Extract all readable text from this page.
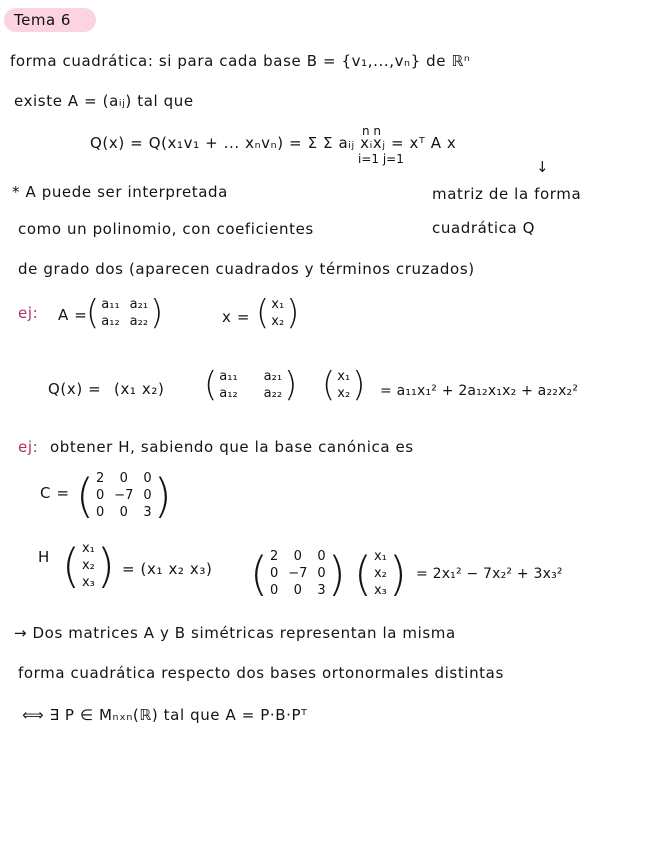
Tema 6
forma cuadrática: si para cada base B = {v₁,...,vₙ} de ℝⁿ
existe A = (aᵢⱼ) tal que
Q(x) = Q(x₁v₁ + ... xₙvₙ) = Σ Σ aᵢⱼ xᵢxⱼ = xᵀ A x
n n
i=1 j=1	↓
* A puede ser interpretada	matriz de la forma
como un polinomio, con coeficientes	cuadrática Q
de grado dos (aparecen cuadrados y términos cruzados)
ej: A =
( a₁₁ a₂₁
a₁₂ a₂₂ )	x = ( x₁
x₂ )
Q(x) = (x₁ x₂) ( a₁₁ a₂₁
a₁₂ a₂₂ ) ( x₁
x₂ ) = a₁₁x₁² + 2a₁₂x₁x₂ + a₂₂x₂²
ej: obtener H, sabiendo que la base canónica es
C = ( 2	0	0
0 −7 0
0	0	3 )
H ( x₁
x₂
x₃ ) = (x₁ x₂ x₃) ( 2	0	0
0 −7 0
0	0	3 ) ( x₁
x₂
x₃ ) = 2x₁² − 7x₂² + 3x₃²
→ Dos matrices A y B simétricas representan la misma
forma cuadrática respecto dos bases ortonormales distintas
⟺ ∃ P ∈ Mₙₓₙ(ℝ) tal que A = P·B·Pᵀ
